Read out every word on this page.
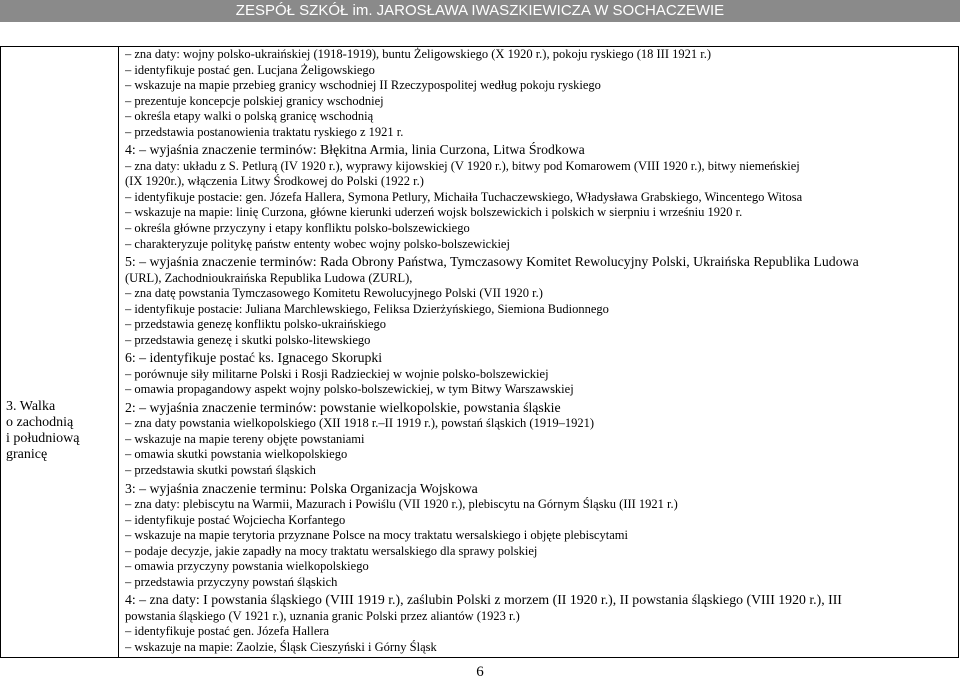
ZESPÓŁ SZKÓŁ im. JAROSŁAWA IWASZKIEWICZA W SOCHACZEWIE
3. Walka
o zachodnią
i południową
granicę
– zna daty: wojny polsko-ukraińskiej (1918-1919), buntu Żeligowskiego (X 1920 r.), pokoju ryskiego (18 III 1921 r.)
– identyfikuje postać gen. Lucjana Żeligowskiego
– wskazuje na mapie przebieg granicy wschodniej II Rzeczypospolitej według pokoju ryskiego
– prezentuje koncepcje polskiej granicy wschodniej
– określa etapy walki o polską granicę wschodnią
– przedstawia postanowienia traktatu ryskiego z 1921 r.
4: – wyjaśnia znaczenie terminów: Błękitna Armia, linia Curzona, Litwa Środkowa
– zna daty: układu z S. Petlurą (IV 1920 r.), wyprawy kijowskiej (V 1920 r.), bitwy pod Komarowem (VIII 1920 r.), bitwy niemeńskiej
(IX 1920r.), włączenia Litwy Środkowej do Polski (1922 r.)
– identyfikuje postacie: gen. Józefa Hallera, Symona Petlury, Michaiła Tuchaczewskiego, Władysława Grabskiego, Wincentego Witosa
– wskazuje na mapie: linię Curzona, główne kierunki uderzeń wojsk bolszewickich i polskich w sierpniu i wrześniu 1920 r.
– określa główne przyczyny i etapy konfliktu polsko-bolszewickiego
– charakteryzuje politykę państw ententy wobec wojny polsko-bolszewickiej
5: – wyjaśnia znaczenie terminów: Rada Obrony Państwa, Tymczasowy Komitet Rewolucyjny Polski, Ukraińska Republika Ludowa
(URL), Zachodnioukraińska Republika Ludowa (ZURL),
– zna datę powstania Tymczasowego Komitetu Rewolucyjnego Polski (VII 1920 r.)
– identyfikuje postacie: Juliana Marchlewskiego, Feliksa Dzierżyńskiego, Siemiona Budionnego
– przedstawia genezę konfliktu polsko-ukraińskiego
– przedstawia genezę i skutki polsko-litewskiego
6: – identyfikuje postać ks. Ignacego Skorupki
– porównuje siły militarne Polski i Rosji Radzieckiej w wojnie polsko-bolszewickiej
– omawia propagandowy aspekt wojny polsko-bolszewickiej, w tym Bitwy Warszawskiej
2: – wyjaśnia znaczenie terminów: powstanie wielkopolskie, powstania śląskie
– zna daty powstania wielkopolskiego (XII 1918 r.–II 1919 r.), powstań śląskich (1919–1921)
– wskazuje na mapie tereny objęte powstaniami
– omawia skutki powstania wielkopolskiego
– przedstawia skutki powstań śląskich
3: – wyjaśnia znaczenie terminu: Polska Organizacja Wojskowa
– zna daty: plebiscytu na Warmii, Mazurach i Powiślu (VII 1920 r.), plebiscytu na Górnym Śląsku (III 1921 r.)
– identyfikuje postać Wojciecha Korfantego
– wskazuje na mapie terytoria przyznane Polsce na mocy traktatu wersalskiego i objęte plebiscytami
– podaje decyzje, jakie zapadły na mocy traktatu wersalskiego dla sprawy polskiej
– omawia przyczyny powstania wielkopolskiego
– przedstawia przyczyny powstań śląskich
4: – zna daty: I powstania śląskiego (VIII 1919 r.), zaślubin Polski z morzem (II 1920 r.), II powstania śląskiego (VIII 1920 r.), III
powstania śląskiego (V 1921 r.), uznania granic Polski przez aliantów (1923 r.)
– identyfikuje postać gen. Józefa Hallera
– wskazuje na mapie: Zaolzie, Śląsk Cieszyński i Górny Śląsk
6
